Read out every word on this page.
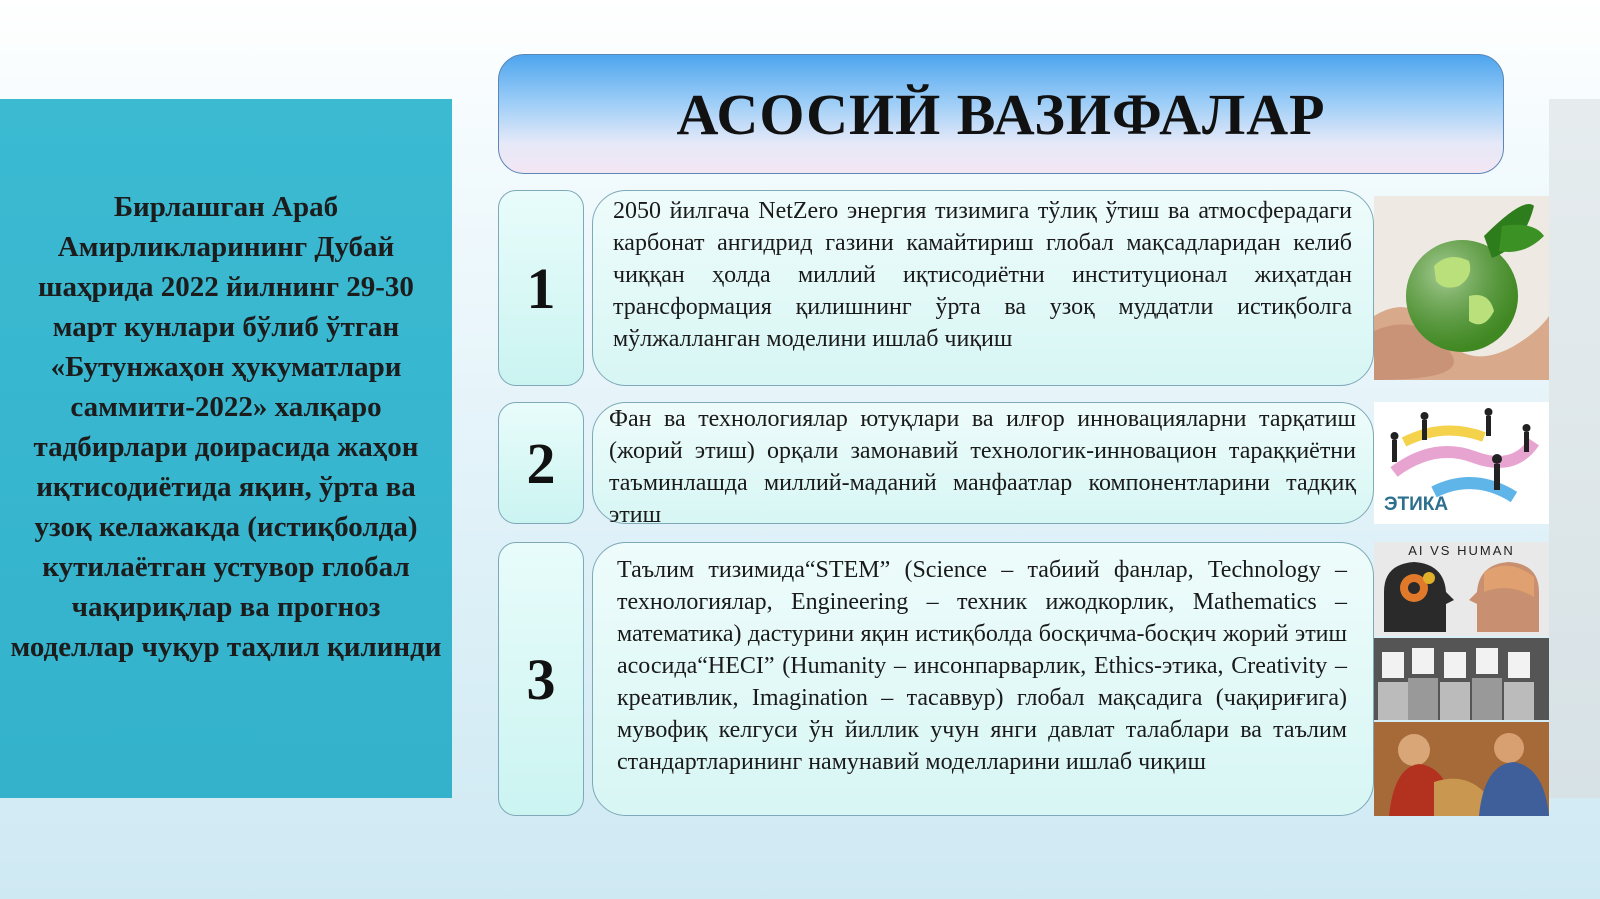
Бирлашган Араб Амирликларининг Дубай шаҳрида 2022 йилнинг 29-30 март кунлари бўлиб ўтган «Бутунжаҳон ҳукуматлари саммити-2022» халқаро тадбирлари доирасида жаҳон иқтисодиётида яқин, ўрта ва узоқ келажакда (истиқболда) кутилаётган устувор глобал чақириқлар ва прогноз моделлар чуқур таҳлил қилинди
АСОСИЙ ВАЗИФАЛАР
1
2050 йилгача NetZero энергия тизимига тўлиқ ўтиш ва атмосферадаги карбонат ангидрид газини камайтириш глобал мақсадларидан келиб чиққан ҳолда миллий иқтисодиётни институционал жиҳатдан трансформация қилишнинг ўрта ва узоқ муддатли истиқболга мўлжалланган моделини ишлаб чиқиш
2
Фан ва технологиялар ютуқлари ва илғор инновацияларни тарқатиш (жорий этиш) орқали замонавий технологик-инновацион тараққиётни таъминлашда миллий-маданий манфаатлар компонентларини тадқиқ этиш
3
Таълим тизимида“STEM” (Science – табиий фанлар, Technology – технологиялар, Engineering – техник ижодкорлик, Mathematics – математика) дастурини яқин истиқболда босқичма-босқич жорий этиш асосида“HECI” (Humanity – инсонпарварлик, Ethics-этика, Creativity – креативлик, Imagination – тасаввур) глобал мақсадига (чақириғига) мувофиқ келгуси ўн йиллик учун янги давлат талаблари ва таълим стандартларининг намунавий моделларини ишлаб чиқиш
ЭТИКА
AI VS HUMAN
